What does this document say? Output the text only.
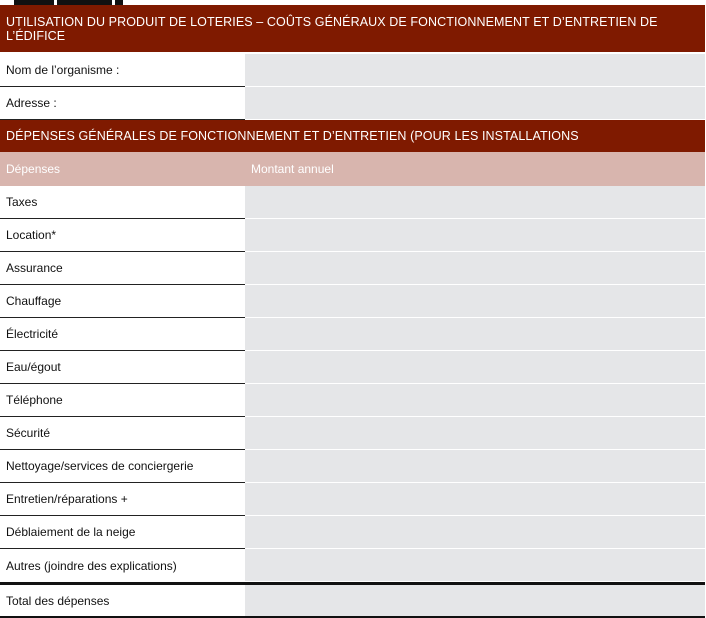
UTILISATION DU PRODUIT DE LOTERIES – COÛTS GÉNÉRAUX DE FONCTIONNEMENT ET D’ENTRETIEN DE L’ÉDIFICE
Nom de l’organisme :
Adresse :
DÉPENSES GÉNÉRALES DE FONCTIONNEMENT ET D’ENTRETIEN (POUR LES INSTALLATIONS
Dépenses	Montant annuel
Taxes
Location*
Assurance
Chauffage
Électricité
Eau/égout
Téléphone
Sécurité
Nettoyage/services de conciergerie
Entretien/réparations +
Déblaiement de la neige
Autres (joindre des explications)
Total des dépenses
